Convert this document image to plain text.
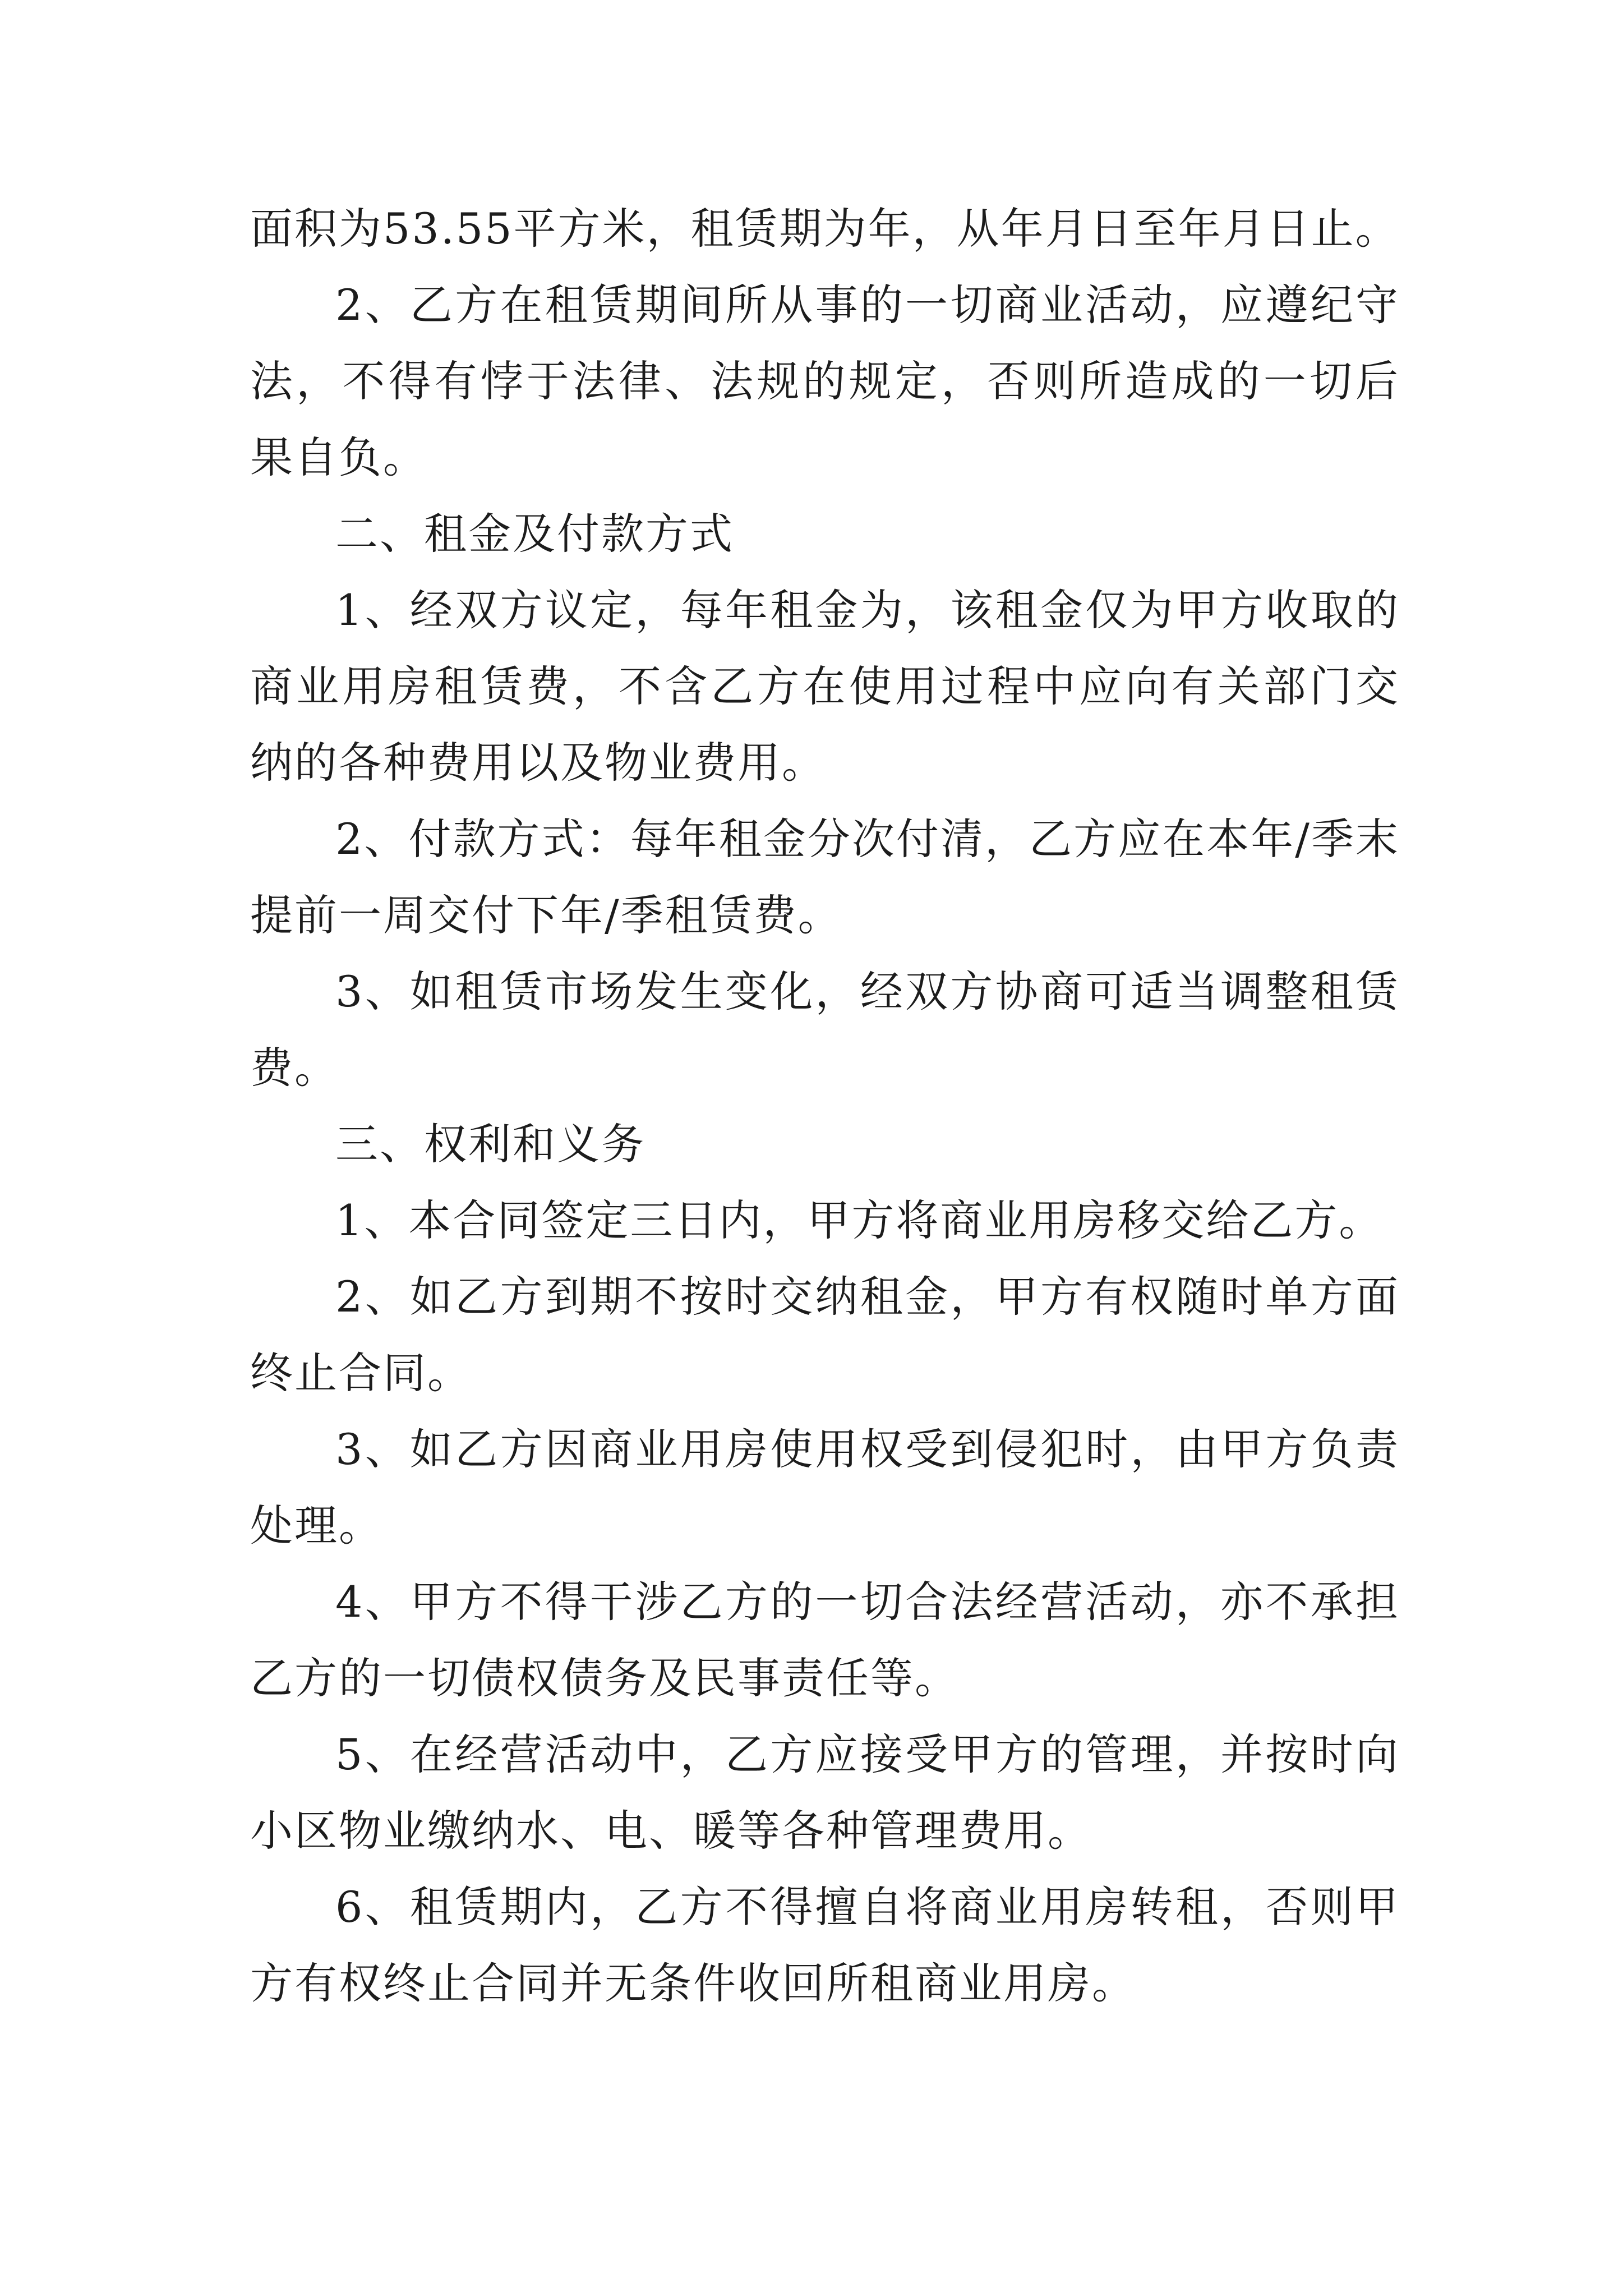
面积为53.55平方米，租赁期为年，从年月日至年月日止。

2、乙方在租赁期间所从事的一切商业活动，应遵纪守法，不得有悖于法律、法规的规定，否则所造成的一切后果自负。

二、租金及付款方式

1、经双方议定，每年租金为，该租金仅为甲方收取的商业用房租赁费，不含乙方在使用过程中应向有关部门交纳的各种费用以及物业费用。

2、付款方式：每年租金分次付清，乙方应在本年/季末提前一周交付下年/季租赁费。

3、如租赁市场发生变化，经双方协商可适当调整租赁费。

三、权利和义务

1、本合同签定三日内，甲方将商业用房移交给乙方。

2、如乙方到期不按时交纳租金，甲方有权随时单方面终止合同。

3、如乙方因商业用房使用权受到侵犯时，由甲方负责处理。

4、甲方不得干涉乙方的一切合法经营活动，亦不承担乙方的一切债权债务及民事责任等。

5、在经营活动中，乙方应接受甲方的管理，并按时向小区物业缴纳水、电、暖等各种管理费用。

6、租赁期内，乙方不得擅自将商业用房转租，否则甲方有权终止合同并无条件收回所租商业用房。
